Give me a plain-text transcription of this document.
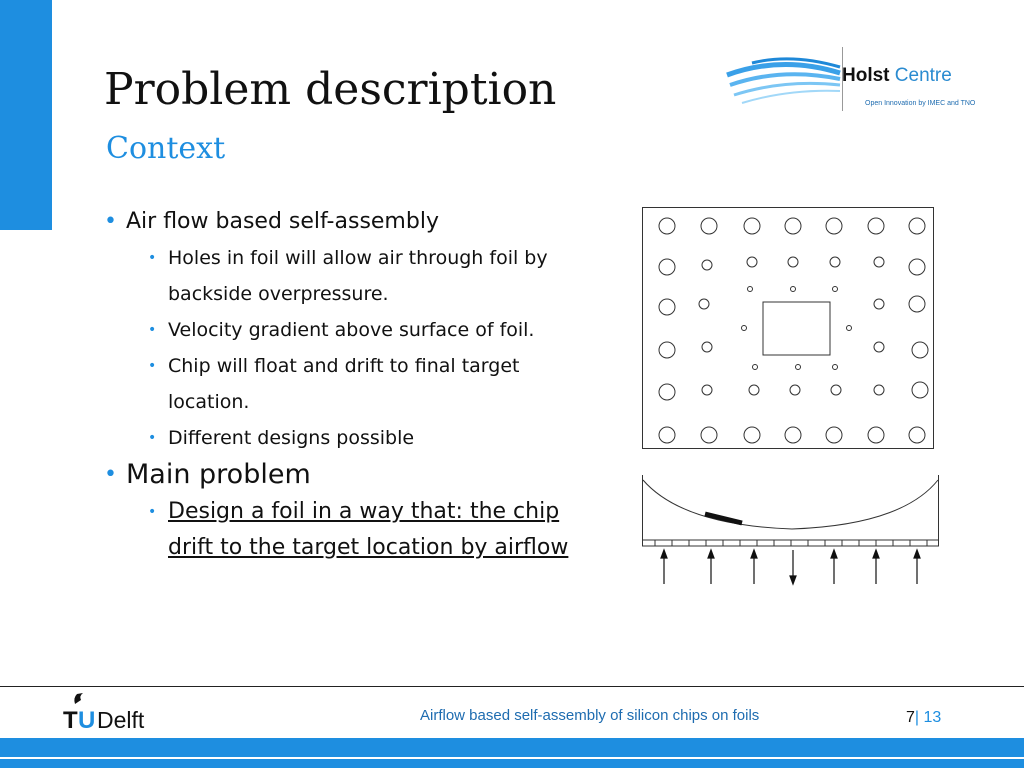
Problem description
Context
Holst Centre
Open Innovation by IMEC and TNO
• Air flow based self-assembly
• Holes in foil will allow air through foil by
backside overpressure.
• Velocity gradient above surface of foil.
• Chip will float and drift to final target
location.
• Different designs possible
• Main problem
• Design a foil in a way that: the chip
drift to the target location by airflow
T U Delft	Airflow based self-assembly of silicon chips on foils	7| 13
